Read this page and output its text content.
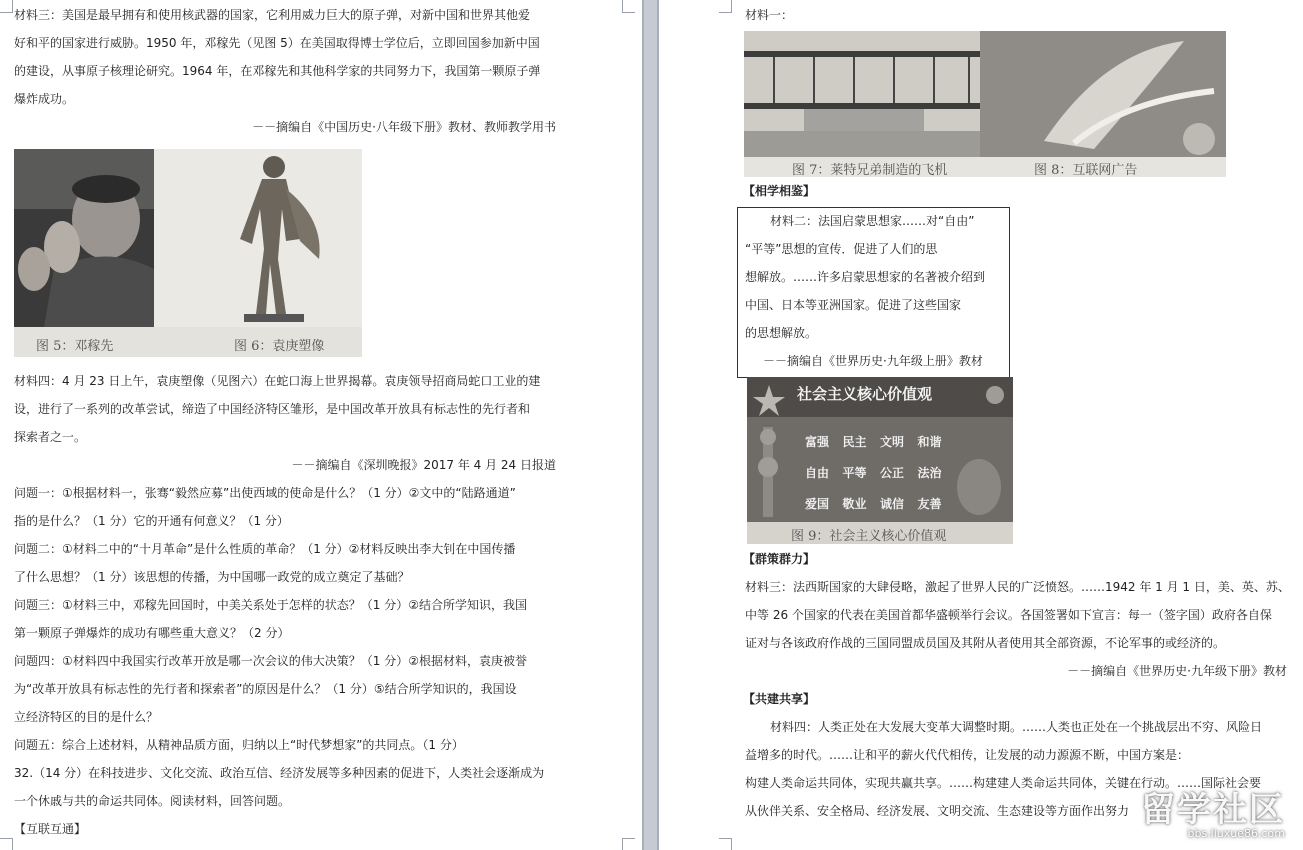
材料三：美国是最早拥有和使用核武器的国家，它利用威力巨大的原子弹，对新中国和世界其他爱
好和平的国家进行威胁。1950 年，邓稼先（见图 5）在美国取得博士学位后，立即回国参加新中国
的建设，从事原子核理论研究。1964 年，在邓稼先和其他科学家的共同努力下，我国第一颗原子弹
爆炸成功。
－－摘编自《中国历史·八年级下册》教材、教师教学用书
图 5：邓稼先	图 6：袁庚塑像
材料四：4 月 23 日上午，袁庚塑像（见图六）在蛇口海上世界揭幕。袁庚领导招商局蛇口工业的建
设，进行了一系列的改革尝试，缔造了中国经济特区雏形，是中国改革开放具有标志性的先行者和
探索者之一。
－－摘编自《深圳晚报》2017 年 4 月 24 日报道
问题一：①根据材料一，张骞“毅然应募”出使西域的使命是什么？（1 分）②文中的“陆路通道”
指的是什么？（1 分）它的开通有何意义？（1 分）
问题二：①材料二中的“十月革命”是什么性质的革命？（1 分）②材料反映出李大钊在中国传播
了什么思想？（1 分）该思想的传播，为中国哪一政党的成立奠定了基础？
问题三：①材料三中，邓稼先回国时，中美关系处于怎样的状态？（1 分）②结合所学知识，我国
第一颗原子弹爆炸的成功有哪些重大意义？（2 分）
问题四：①材料四中我国实行改革开放是哪一次会议的伟大决策？（1 分）②根据材料，袁庚被誉
为“改革开放具有标志性的先行者和探索者”的原因是什么？（1 分）⑤结合所学知识的，我国设
立经济特区的目的是什么？
问题五：综合上述材料，从精神品质方面，归纳以上“时代梦想家”的共同点。（1 分）
32.（14 分）在科技进步、文化交流、政治互信、经济发展等多种因素的促进下，人类社会逐渐成为
一个休戚与共的命运共同体。阅读材料，回答问题。
【互联互通】
材料一：
图 7：莱特兄弟制造的飞机	图 8：互联网广告
【相学相鉴】
材料二：法国启蒙思想家……对“自由”
“平等”思想的宣传．促进了人们的思
想解放。……许多启蒙思想家的名著被介绍到
中国、日本等亚洲国家。促进了这些国家
的思想解放。
－－摘编自《世界历史·九年级上册》教材
社会主义核心价值观
富强	民主	文明	和谐
自由	平等	公正	法治
爱国	敬业	诚信	友善
图 9：社会主义核心价值观
【群策群力】
材料三：法西斯国家的大肆侵略，激起了世界人民的广泛愤怒。……1942 年 1 月 1 日，美、英、苏、
中等 26 个国家的代表在美国首都华盛顿举行会议。各国签署如下宣言：每一（签字国）政府各自保
证对与各该政府作战的三国同盟成员国及其附从者使用其全部资源，不论军事的或经济的。
－－摘编自《世界历史·九年级下册》教材
【共建共享】
材料四：人类正处在大发展大变革大调整时期。……人类也正处在一个挑战层出不穷、风险日
益增多的时代。……让和平的薪火代代相传，让发展的动力源源不断，中国方案是：
构建人类命运共同体，实现共赢共享。……构建建人类命运共同体，关键在行动。……国际社会要
从伙伴关系、安全格局、经济发展、文明交流、生态建设等方面作出努力 留学社区
bbs.liuxue86.com
